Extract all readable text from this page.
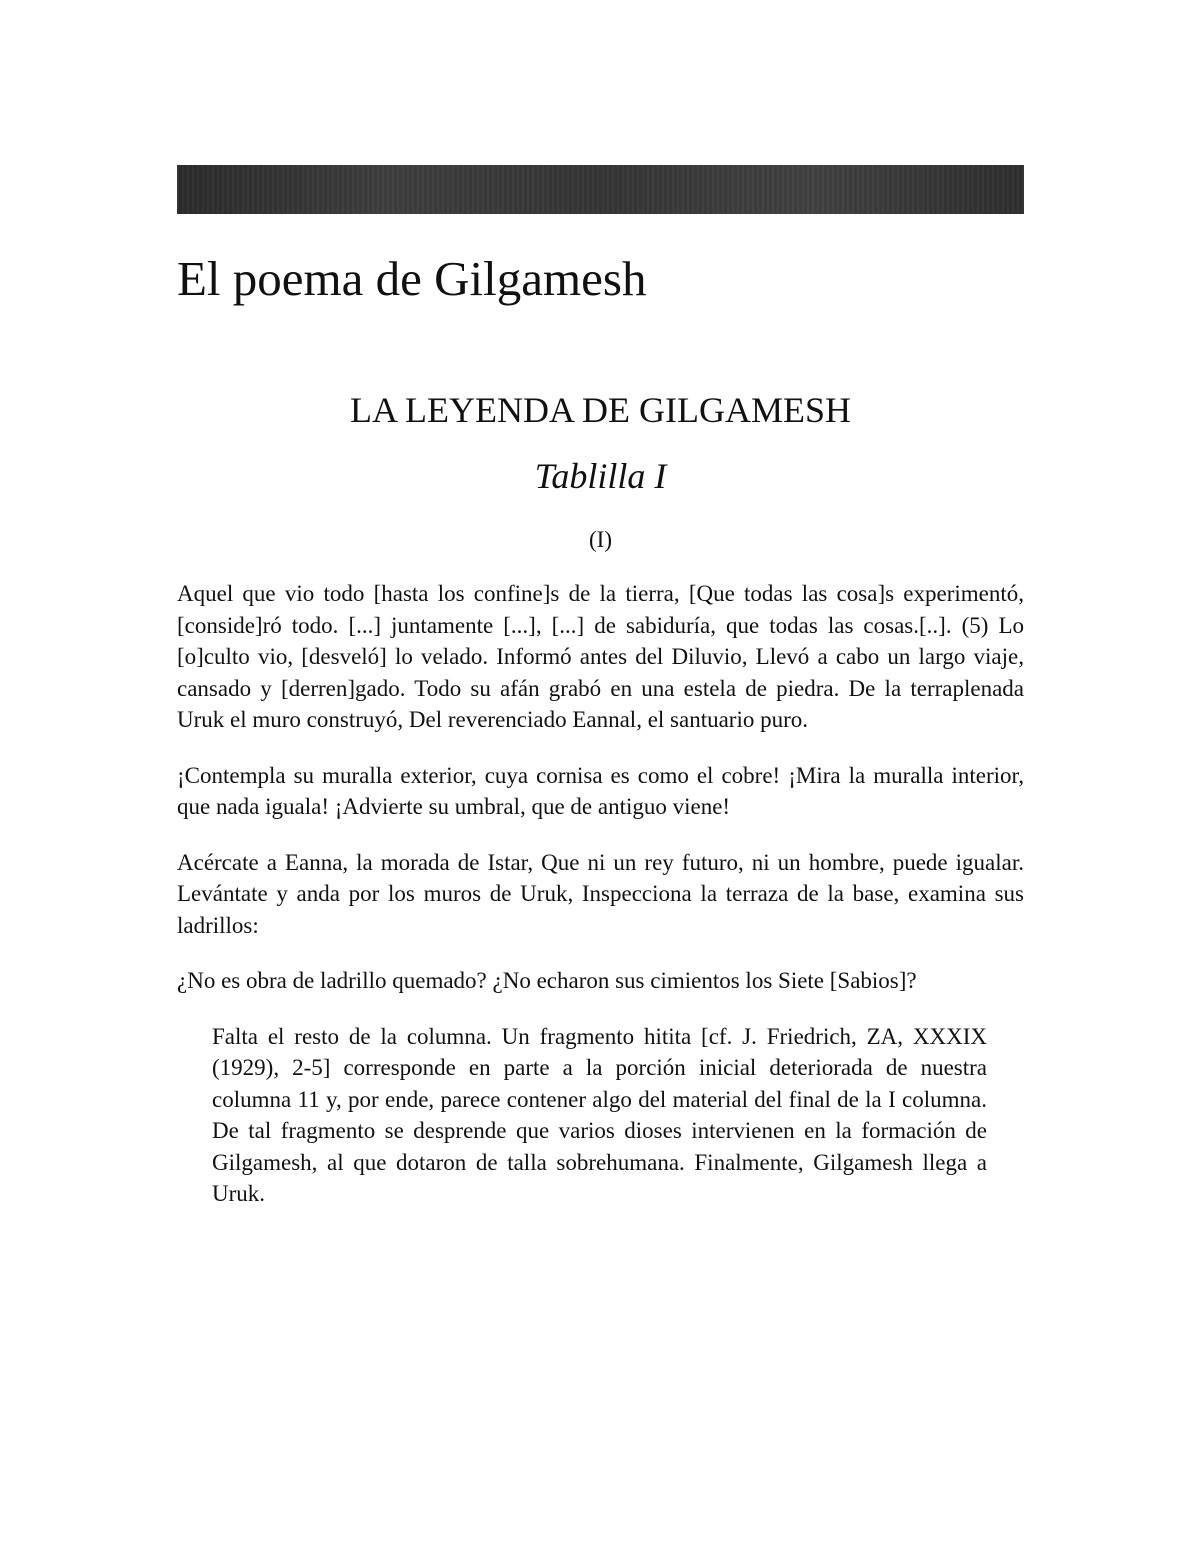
El poema de Gilgamesh
LA LEYENDA DE GILGAMESH
Tablilla I
(I)

Aquel que vio todo [hasta los confine]s de la tierra, [Que todas las cosa]s experimentó, [conside]ró todo. [...] juntamente [...], [...] de sabiduría, que todas las cosas.[..]. (5) Lo [o]culto vio, [desveló] lo velado. Informó antes del Diluvio, Llevó a cabo un largo viaje, cansado y [derren]gado. Todo su afán grabó en una estela de piedra. De la terraplenada Uruk el muro construyó, Del reverenciado Eannal, el santuario puro.

¡Contempla su muralla exterior, cuya cornisa es como el cobre! ¡Mira la muralla interior, que nada iguala! ¡Advierte su umbral, que de antiguo viene!

Acércate a Eanna, la morada de Istar, Que ni un rey futuro, ni un hombre, puede igualar. Levántate y anda por los muros de Uruk, Inspecciona la terraza de la base, examina sus ladrillos:

¿No es obra de ladrillo quemado? ¿No echaron sus cimientos los Siete [Sabios]?

Falta el resto de la columna. Un fragmento hitita [cf. J. Friedrich, ZA, XXXIX (1929), 2-5] corresponde en parte a la porción inicial deteriorada de nuestra columna 11 y, por ende, parece contener algo del material del final de la I columna. De tal fragmento se desprende que varios dioses intervienen en la formación de Gilgamesh, al que dotaron de talla sobrehumana. Finalmente, Gilgamesh llega a Uruk.
